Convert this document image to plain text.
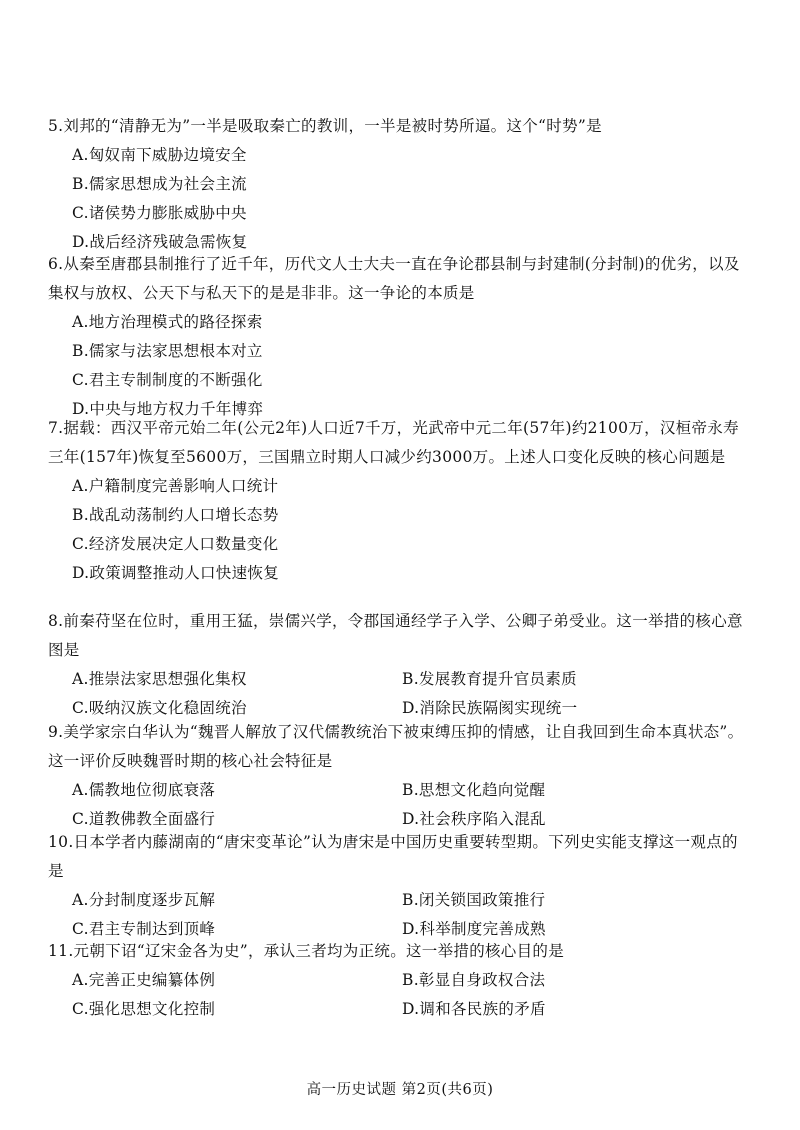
5.刘邦的“清静无为”一半是吸取秦亡的教训，一半是被时势所逼。这个“时势”是
A.匈奴南下威胁边境安全
B.儒家思想成为社会主流
C.诸侯势力膨胀威胁中央
D.战后经济残破急需恢复
6.从秦至唐郡县制推行了近千年，历代文人士大夫一直在争论郡县制与封建制(分封制)的优劣，以及集权与放权、公天下与私天下的是是非非。这一争论的本质是
A.地方治理模式的路径探索
B.儒家与法家思想根本对立
C.君主专制制度的不断强化
D.中央与地方权力千年博弈
7.据载：西汉平帝元始二年(公元2年)人口近7千万，光武帝中元二年(57年)约2100万，汉桓帝永寿三年(157年)恢复至5600万，三国鼎立时期人口减少约3000万。上述人口变化反映的核心问题是
A.户籍制度完善影响人口统计
B.战乱动荡制约人口增长态势
C.经济发展决定人口数量变化
D.政策调整推动人口快速恢复
8.前秦苻坚在位时，重用王猛，崇儒兴学，令郡国通经学子入学、公卿子弟受业。这一举措的核心意图是
A.推崇法家思想强化集权	B.发展教育提升官员素质
C.吸纳汉族文化稳固统治	D.消除民族隔阂实现统一
9.美学家宗白华认为“魏晋人解放了汉代儒教统治下被束缚压抑的情感，让自我回到生命本真状态”。这一评价反映魏晋时期的核心社会特征是
A.儒教地位彻底衰落	B.思想文化趋向觉醒
C.道教佛教全面盛行	D.社会秩序陷入混乱
10.日本学者内藤湖南的“唐宋变革论”认为唐宋是中国历史重要转型期。下列史实能支撑这一观点的是
A.分封制度逐步瓦解	B.闭关锁国政策推行
C.君主专制达到顶峰	D.科举制度完善成熟
11.元朝下诏“辽宋金各为史”，承认三者均为正统。这一举措的核心目的是
A.完善正史编纂体例	B.彰显自身政权合法
C.强化思想文化控制	D.调和各民族的矛盾
高一历史试题 第2页(共6页)
